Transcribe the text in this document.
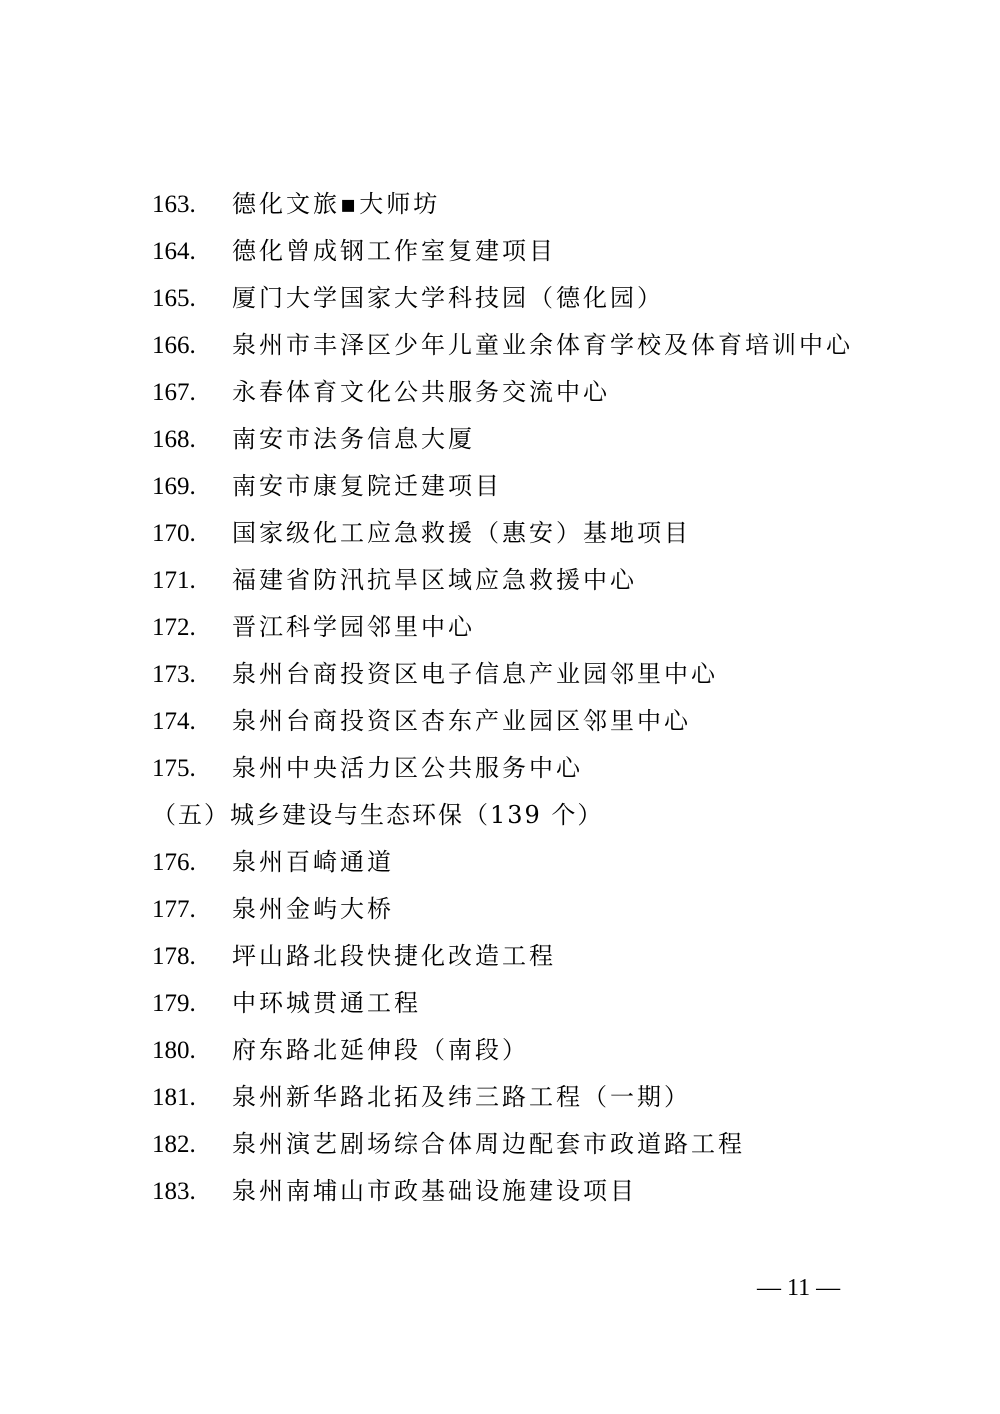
163. 德化文旅▪大师坊
164. 德化曾成钢工作室复建项目
165. 厦门大学国家大学科技园（德化园）
166. 泉州市丰泽区少年儿童业余体育学校及体育培训中心
167. 永春体育文化公共服务交流中心
168. 南安市法务信息大厦
169. 南安市康复院迁建项目
170. 国家级化工应急救援（惠安）基地项目
171. 福建省防汛抗旱区域应急救援中心
172. 晋江科学园邻里中心
173. 泉州台商投资区电子信息产业园邻里中心
174. 泉州台商投资区杏东产业园区邻里中心
175. 泉州中央活力区公共服务中心
（五）城乡建设与生态环保（139 个）
176. 泉州百崎通道
177. 泉州金屿大桥
178. 坪山路北段快捷化改造工程
179. 中环城贯通工程
180. 府东路北延伸段（南段）
181. 泉州新华路北拓及纬三路工程（一期）
182. 泉州演艺剧场综合体周边配套市政道路工程
183. 泉州南埔山市政基础设施建设项目
— 11 —
